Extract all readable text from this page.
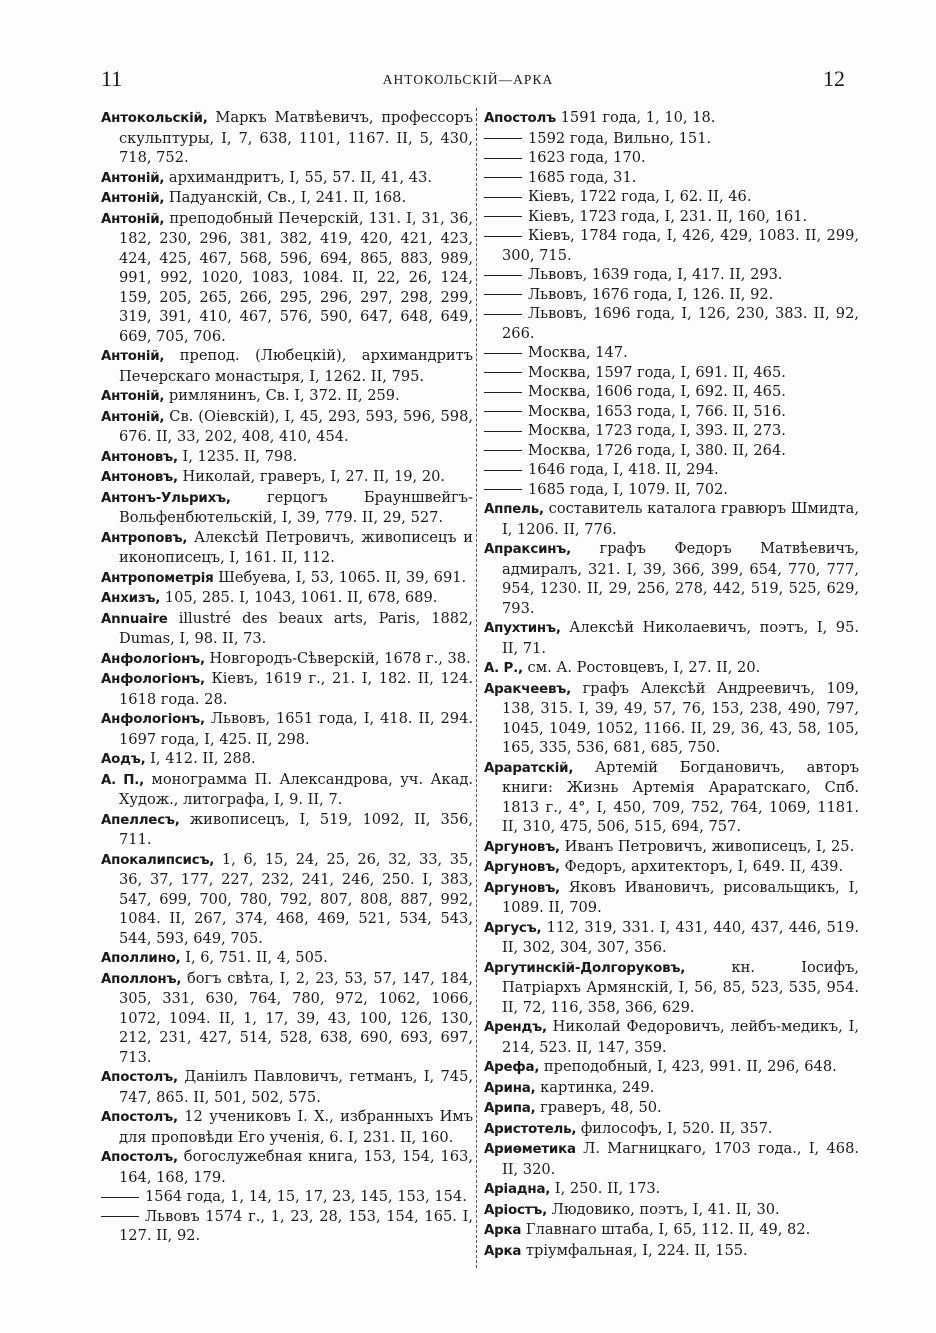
11	АНТОКОЛЬСКІЙ—АРКА	12
Антокольскій, Маркъ Матвѣевичъ, профессоръ скульптуры, I, 7, 638, 1101, 1167. II, 5, 430, 718, 752.
Антоній, архимандритъ, I, 55, 57. II, 41, 43.
Антоній, Падуанскій, Св., I, 241. II, 168.
Антоній, преподобный Печерскій, 131. I, 31, 36, 182, 230, 296, 381, 382, 419, 420, 421, 423, 424, 425, 467, 568, 596, 694, 865, 883, 989, 991, 992, 1020, 1083, 1084. II, 22, 26, 124, 159, 205, 265, 266, 295, 296, 297, 298, 299, 319, 391, 410, 467, 576, 590, 647, 648, 649, 669, 705, 706.
Антоній, препод. (Любецкій), архимандритъ Печерскаго монастыря, I, 1262. II, 795.
Антоній, римлянинъ, Св. I, 372. II, 259.
Антоній, Св. (Оіевскій), I, 45, 293, 593, 596, 598, 676. II, 33, 202, 408, 410, 454.
Антоновъ, I, 1235. II, 798.
Антоновъ, Николай, граверъ, I, 27. II, 19, 20.
Антонъ-Ульрихъ, герцогъ Брауншвейгъ-Вольфенбютельскій, I, 39, 779. II, 29, 527.
Антроповъ, Алексѣй Петровичъ, живописецъ и иконописецъ, I, 161. II, 112.
Антропометрія Шебуева, I, 53, 1065. II, 39, 691.
Анхизъ, 105, 285. I, 1043, 1061. II, 678, 689.
Annuaire illustré des beaux arts, Paris, 1882, Dumas, I, 98. II, 73.
Анфологіонъ, Новгородъ-Сѣверскій, 1678 г., 38.
Анфологіонъ, Кіевъ, 1619 г., 21. I, 182. II, 124. 1618 года. 28.
Анфологіонъ, Львовъ, 1651 года, I, 418. II, 294. 1697 года, I, 425. II, 298.
Аодъ, I, 412. II, 288.
А. П., монограмма П. Александрова, уч. Акад. Худож., литографа, I, 9. II, 7.
Апеллесъ, живописецъ, I, 519, 1092, II, 356, 711.
Апокалипсисъ, 1, 6, 15, 24, 25, 26, 32, 33, 35, 36, 37, 177, 227, 232, 241, 246, 250. I, 383, 547, 699, 700, 780, 792, 807, 808, 887, 992, 1084. II, 267, 374, 468, 469, 521, 534, 543, 544, 593, 649, 705.
Аполлино, I, 6, 751. II, 4, 505.
Аполлонъ, богъ свѣта, I, 2, 23, 53, 57, 147, 184, 305, 331, 630, 764, 780, 972, 1062, 1066, 1072, 1094. II, 1, 17, 39, 43, 100, 126, 130, 212, 231, 427, 514, 528, 638, 690, 693, 697, 713.
Апостолъ, Даніилъ Павловичъ, гетманъ, I, 745, 747, 865. II, 501, 502, 575.
Апостолъ, 12 учениковъ I. X., избранныхъ Имъ для проповѣди Его ученія, 6. I, 231. II, 160.
Апостолъ, богослужебная книга, 153, 154, 163, 164, 168, 179.
1564 года, 1, 14, 15, 17, 23, 145, 153, 154.
Львовъ 1574 г., 1, 23, 28, 153, 154, 165. I, 127. II, 92.
Апостолъ 1591 года, 1, 10, 18.
1592 года, Вильно, 151.
1623 года, 170.
1685 года, 31.
Кіевъ, 1722 года, I, 62. II, 46.
Кіевъ, 1723 года, I, 231. II, 160, 161.
Кіевъ, 1784 года, I, 426, 429, 1083. II, 299, 300, 715.
Львовъ, 1639 года, I, 417. II, 293.
Львовъ, 1676 года, I, 126. II, 92.
Львовъ, 1696 года, I, 126, 230, 383. II, 92, 266.
Москва, 147.
Москва, 1597 года, I, 691. II, 465.
Москва, 1606 года, I, 692. II, 465.
Москва, 1653 года, I, 766. II, 516.
Москва, 1723 года, I, 393. II, 273.
Москва, 1726 года, I, 380. II, 264.
1646 года, I, 418. II, 294.
1685 года, I, 1079. II, 702.
Аппель, составитель каталога гравюръ Шмидта, I, 1206. II, 776.
Апраксинъ, графъ Федоръ Матвѣевичъ, адмиралъ, 321. I, 39, 366, 399, 654, 770, 777, 954, 1230. II, 29, 256, 278, 442, 519, 525, 629, 793.
Апухтинъ, Алексѣй Николаевичъ, поэтъ, I, 95. II, 71.
А. Р., см. А. Ростовцевъ, I, 27. II, 20.
Аракчеевъ, графъ Алексѣй Андреевичъ, 109, 138, 315. I, 39, 49, 57, 76, 153, 238, 490, 797, 1045, 1049, 1052, 1166. II, 29, 36, 43, 58, 105, 165, 335, 536, 681, 685, 750.
Араратскій, Артемій Богдановичъ, авторъ книги: Жизнь Артемія Араратскаго, Спб. 1813 г., 4°, I, 450, 709, 752, 764, 1069, 1181. II, 310, 475, 506, 515, 694, 757.
Аргуновъ, Иванъ Петровичъ, живописецъ, I, 25.
Аргуновъ, Федоръ, архитекторъ, I, 649. II, 439.
Аргуновъ, Яковъ Ивановичъ, рисовальщикъ, I, 1089. II, 709.
Аргусъ, 112, 319, 331. I, 431, 440, 437, 446, 519. II, 302, 304, 307, 356.
Аргутинскій-Долгоруковъ, кн. Іосифъ, Патріархъ Армянскій, I, 56, 85, 523, 535, 954. II, 72, 116, 358, 366, 629.
Арендъ, Николай Федоровичъ, лейбъ-медикъ, I, 214, 523. II, 147, 359.
Арефа, преподобный, I, 423, 991. II, 296, 648.
Арина, картинка, 249.
Арипа, граверъ, 48, 50.
Аристотель, философъ, I, 520. II, 357.
Ариѳметика Л. Магницкаго, 1703 года., I, 468. II, 320.
Аріадна, I, 250. II, 173.
Аріостъ, Людовико, поэтъ, I, 41. II, 30.
Арка Главнаго штаба, I, 65, 112. II, 49, 82.
Арка тріумфальная, I, 224. II, 155.
